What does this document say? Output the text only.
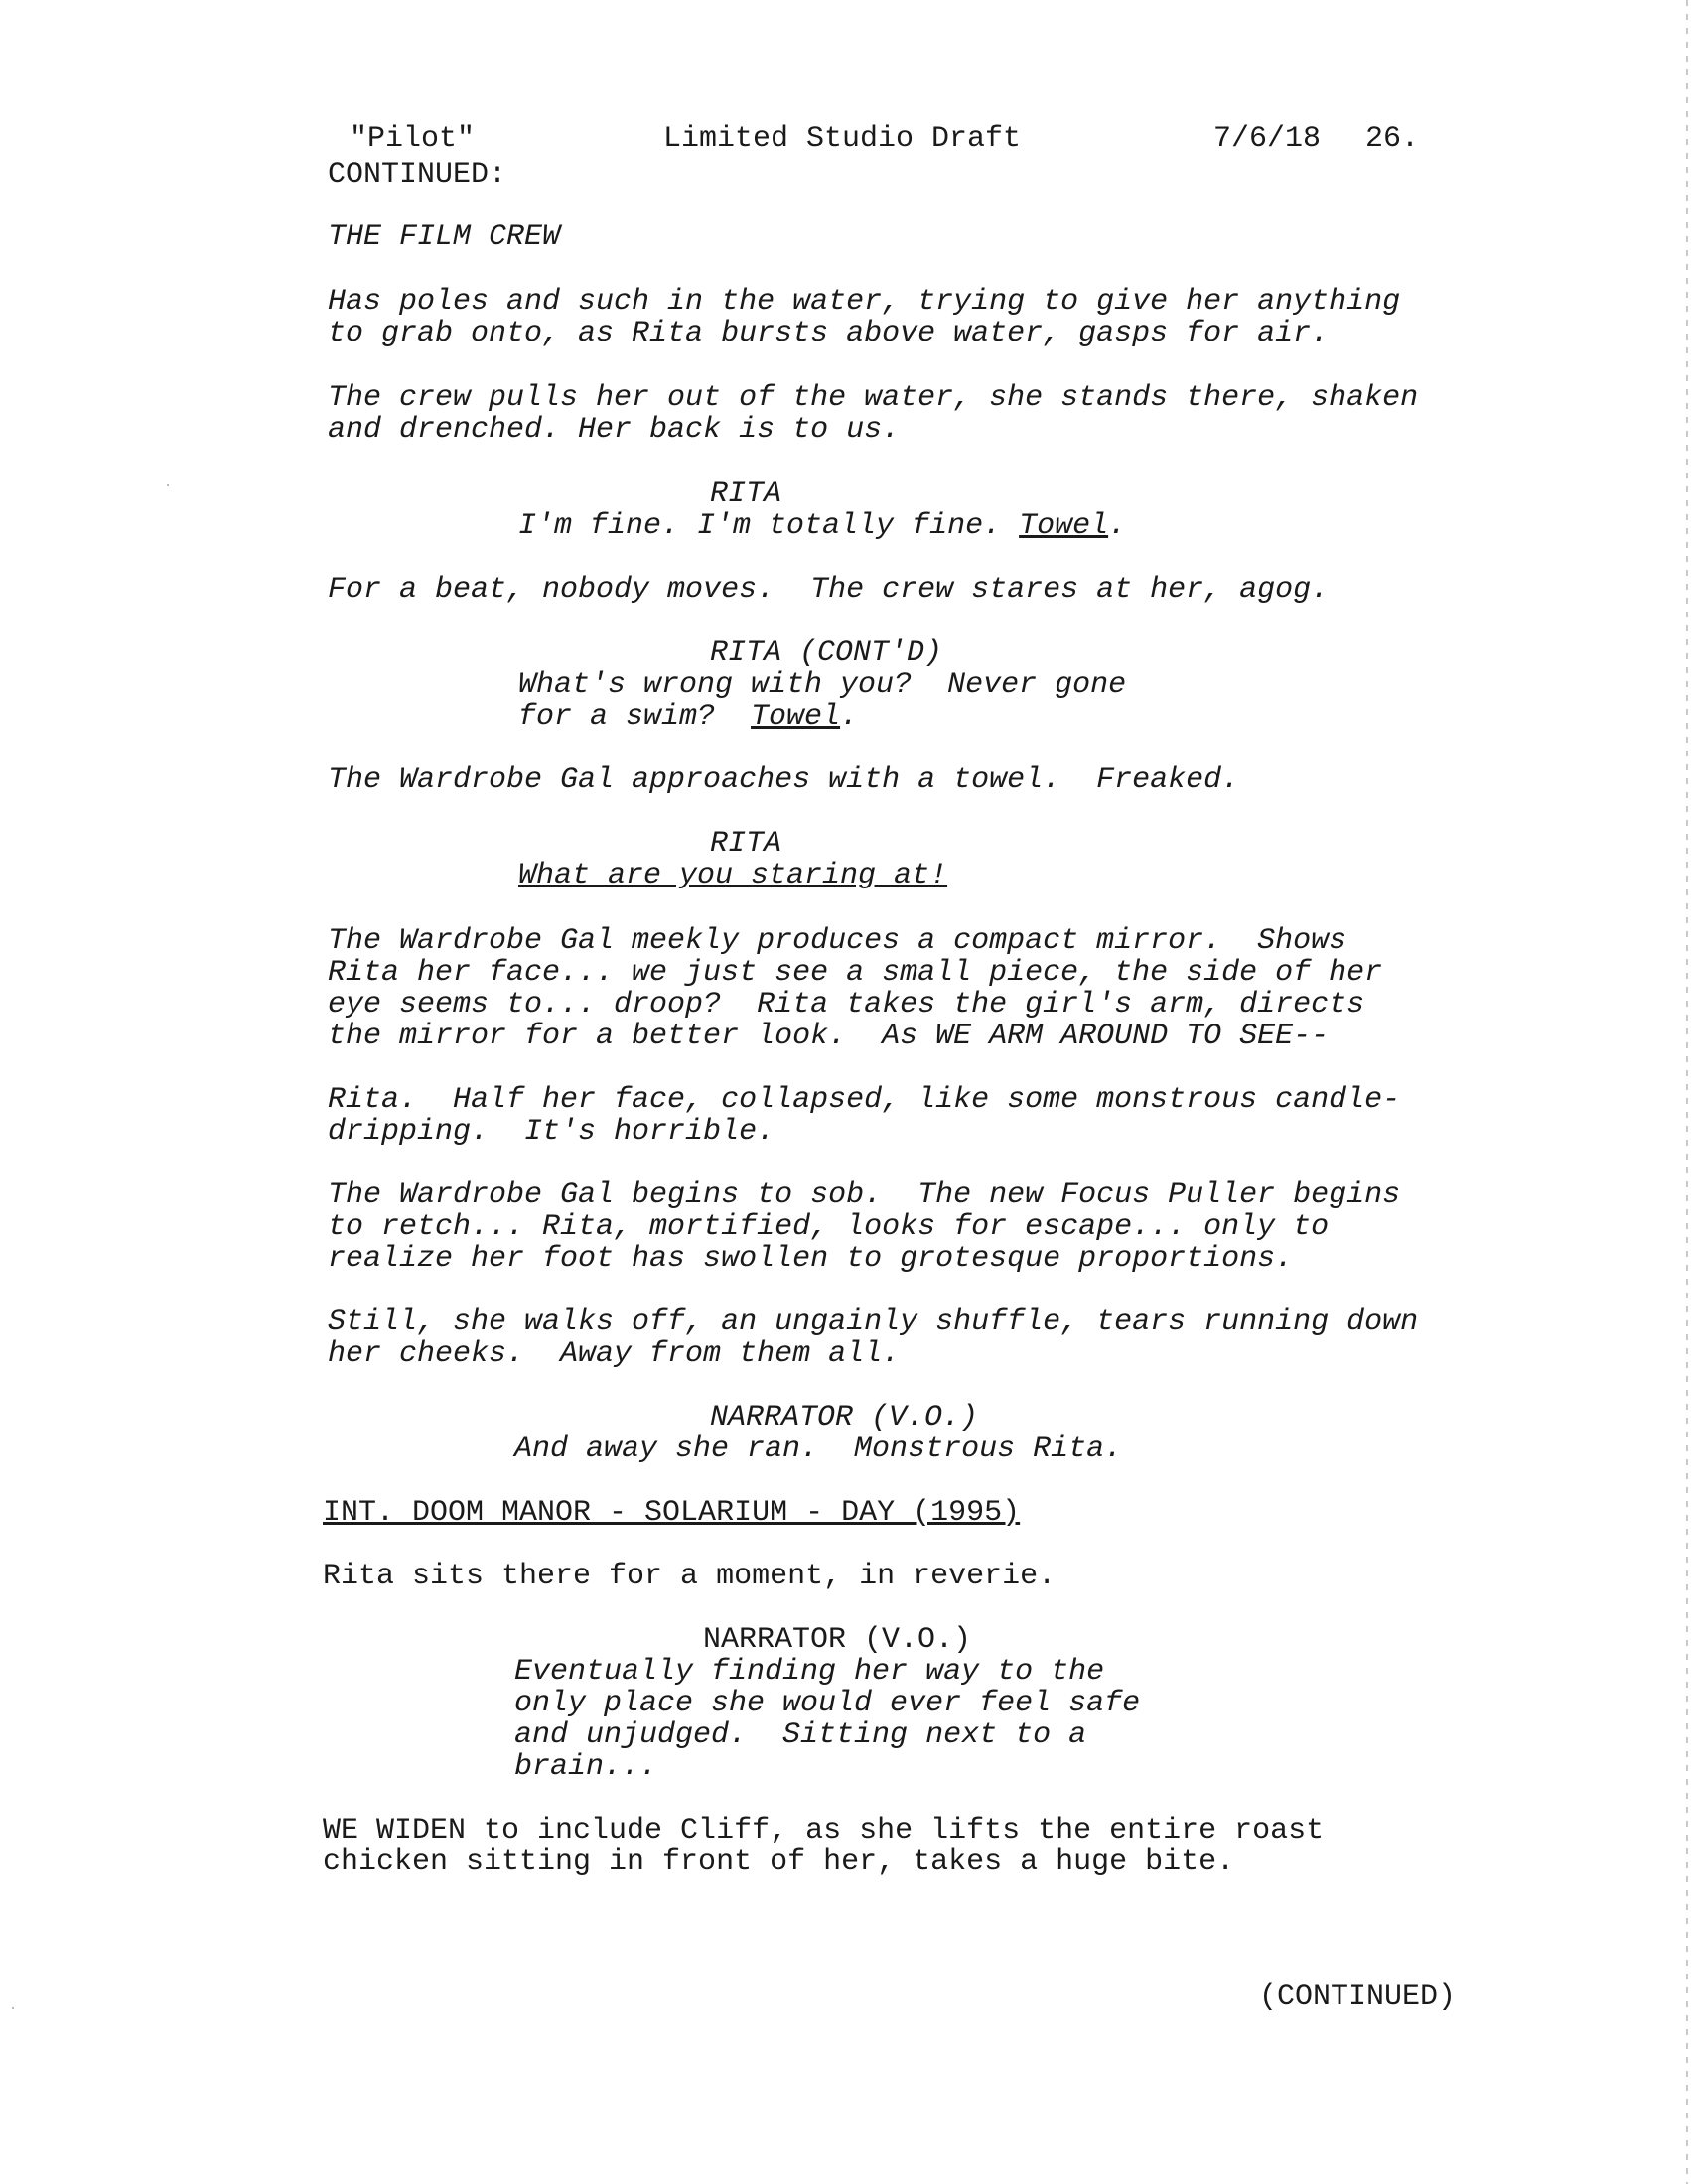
"Pilot"	Limited Studio Draft	7/6/18 26.
CONTINUED:
THE FILM CREW
Has poles and such in the water, trying to give her anything
to grab onto, as Rita bursts above water, gasps for air.
The crew pulls her out of the water, she stands there, shaken
and drenched. Her back is to us.
RITA
I'm fine. I'm totally fine. Towel.
For a beat, nobody moves.  The crew stares at her, agog.
RITA (CONT'D)
What's wrong with you?  Never gone
for a swim?  Towel.
The Wardrobe Gal approaches with a towel.  Freaked.
RITA
What are you staring at!
The Wardrobe Gal meekly produces a compact mirror.  Shows
Rita her face... we just see a small piece, the side of her
eye seems to... droop?  Rita takes the girl's arm, directs
the mirror for a better look.  As WE ARM AROUND TO SEE--
Rita.  Half her face, collapsed, like some monstrous candle-
dripping.  It's horrible.
The Wardrobe Gal begins to sob.  The new Focus Puller begins
to retch... Rita, mortified, looks for escape... only to
realize her foot has swollen to grotesque proportions.
Still, she walks off, an ungainly shuffle, tears running down
her cheeks.  Away from them all.
NARRATOR (V.O.)
And away she ran.  Monstrous Rita.
INT. DOOM MANOR - SOLARIUM - DAY (1995)
Rita sits there for a moment, in reverie.
NARRATOR (V.O.)
Eventually finding her way to the
only place she would ever feel safe
and unjudged.  Sitting next to a
brain...
WE WIDEN to include Cliff, as she lifts the entire roast
chicken sitting in front of her, takes a huge bite.
(CONTINUED)
